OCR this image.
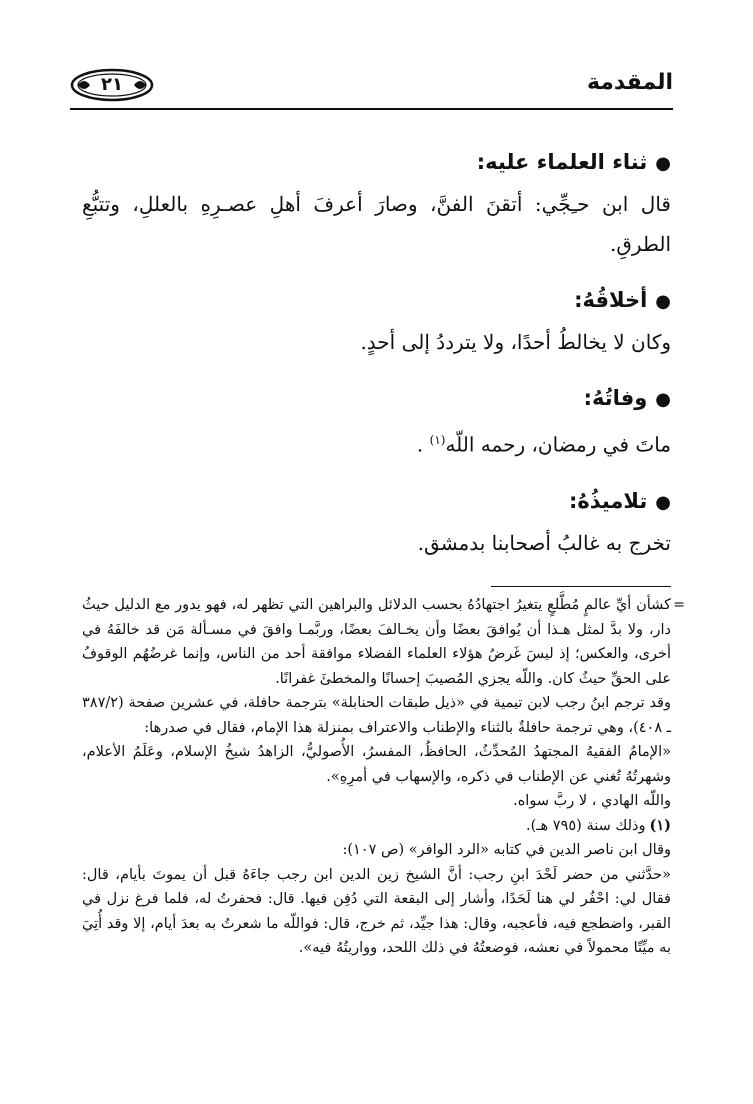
المقدمة
٢١
●ثناء العلماء عليه:

قال ابن حـِجِّي: أتقنَ الفنَّ، وصارَ أعرفَ أهلِ عصـرِهِ بالعللِ، وتتبُّعِ الطرقِ.

●أخلاقُهُ:

وكان لا يخالطُ أحدًا، ولا يترددُ إلى أحدٍ.

●وفاتُهُ:

ماتَ في رمضان، رحمه اللّه$^{(١)}$ .

●تلاميذُهُ:

تخرج به غالبُ أصحابنا بدمشق.

=

كشأن أيِّ عالمٍ مُطَّلعٍ يتغيرُ اجتهادُهُ بحسب الدلائل والبراهين التي تظهر له، فهو يدور مع الدليل حيثُ دار، ولا بدَّ لمثل هـذا أن يُوافقَ بعضًا وأن يخـالفَ بعضًا، وربَّمـا وافقَ في مسـألة مَن قد خالفَهُ في أخرى، والعكس؛ إذ ليسَ غَرضُ هؤلاء العلماء الفضلاء موافقة أحد من الناس، وإنما غرضُهُم الوقوفُ على الحقِّ حيثُ كان. واللّه يجزي المُصيبَ إحسانًا والمخطئَ غفرانًا.

وقد ترجم ابنُ رجب لابن تيمية في «ذيل طبقات الحنابلة» بترجمة حافلة، في عشرين صفحة (٣٨٧/٢ ـ ٤٠٨)، وهي ترجمة حافلةٌ بالثناء والإطناب والاعتراف بمنزلة هذا الإمام، فقال في صدرها:

«الإمامُ الفقيهُ المجتهدُ المُحدِّثُ، الحافظُ، المفسرُ، الأُصوليُّ، الزاهدُ شيخُ الإسلام، وعَلَمُ الأعلام، وشهرتُهُ تُغني عن الإطناب في ذكره، والإسهاب في أمرِهِ».

واللّه الهادي ، لا ربَّ سواه.

(١)وذلك سنة (٧٩٥ هـ).

وقال ابن ناصر الدين في كتابه «الرد الوافر» (ص ١٠٧):

«حدَّثني من حضر لَحْدَ ابنِ رجب: أنَّ الشيخ زين الدين ابن رجب جاءَهُ قبل أن يموتَ بأيام، قال: فقال لي: احْفُر لي هنا لَحَدًا، وأشار إلى البقعة التي دُفِن فيها. قال: فحفرتُ له، فلما فرغ نزل في القبر، واضطجع فيه، فأعجبه، وقال: هذا جيِّد، ثم خرج، قال: فواللّه ما شعرتُ به بعدَ أيام، إلا وقد أُتِيَ به ميِّتًا محمولاً في نعشه، فوضعتُهُ في ذلك اللحد، وواريتُهُ فيه».
